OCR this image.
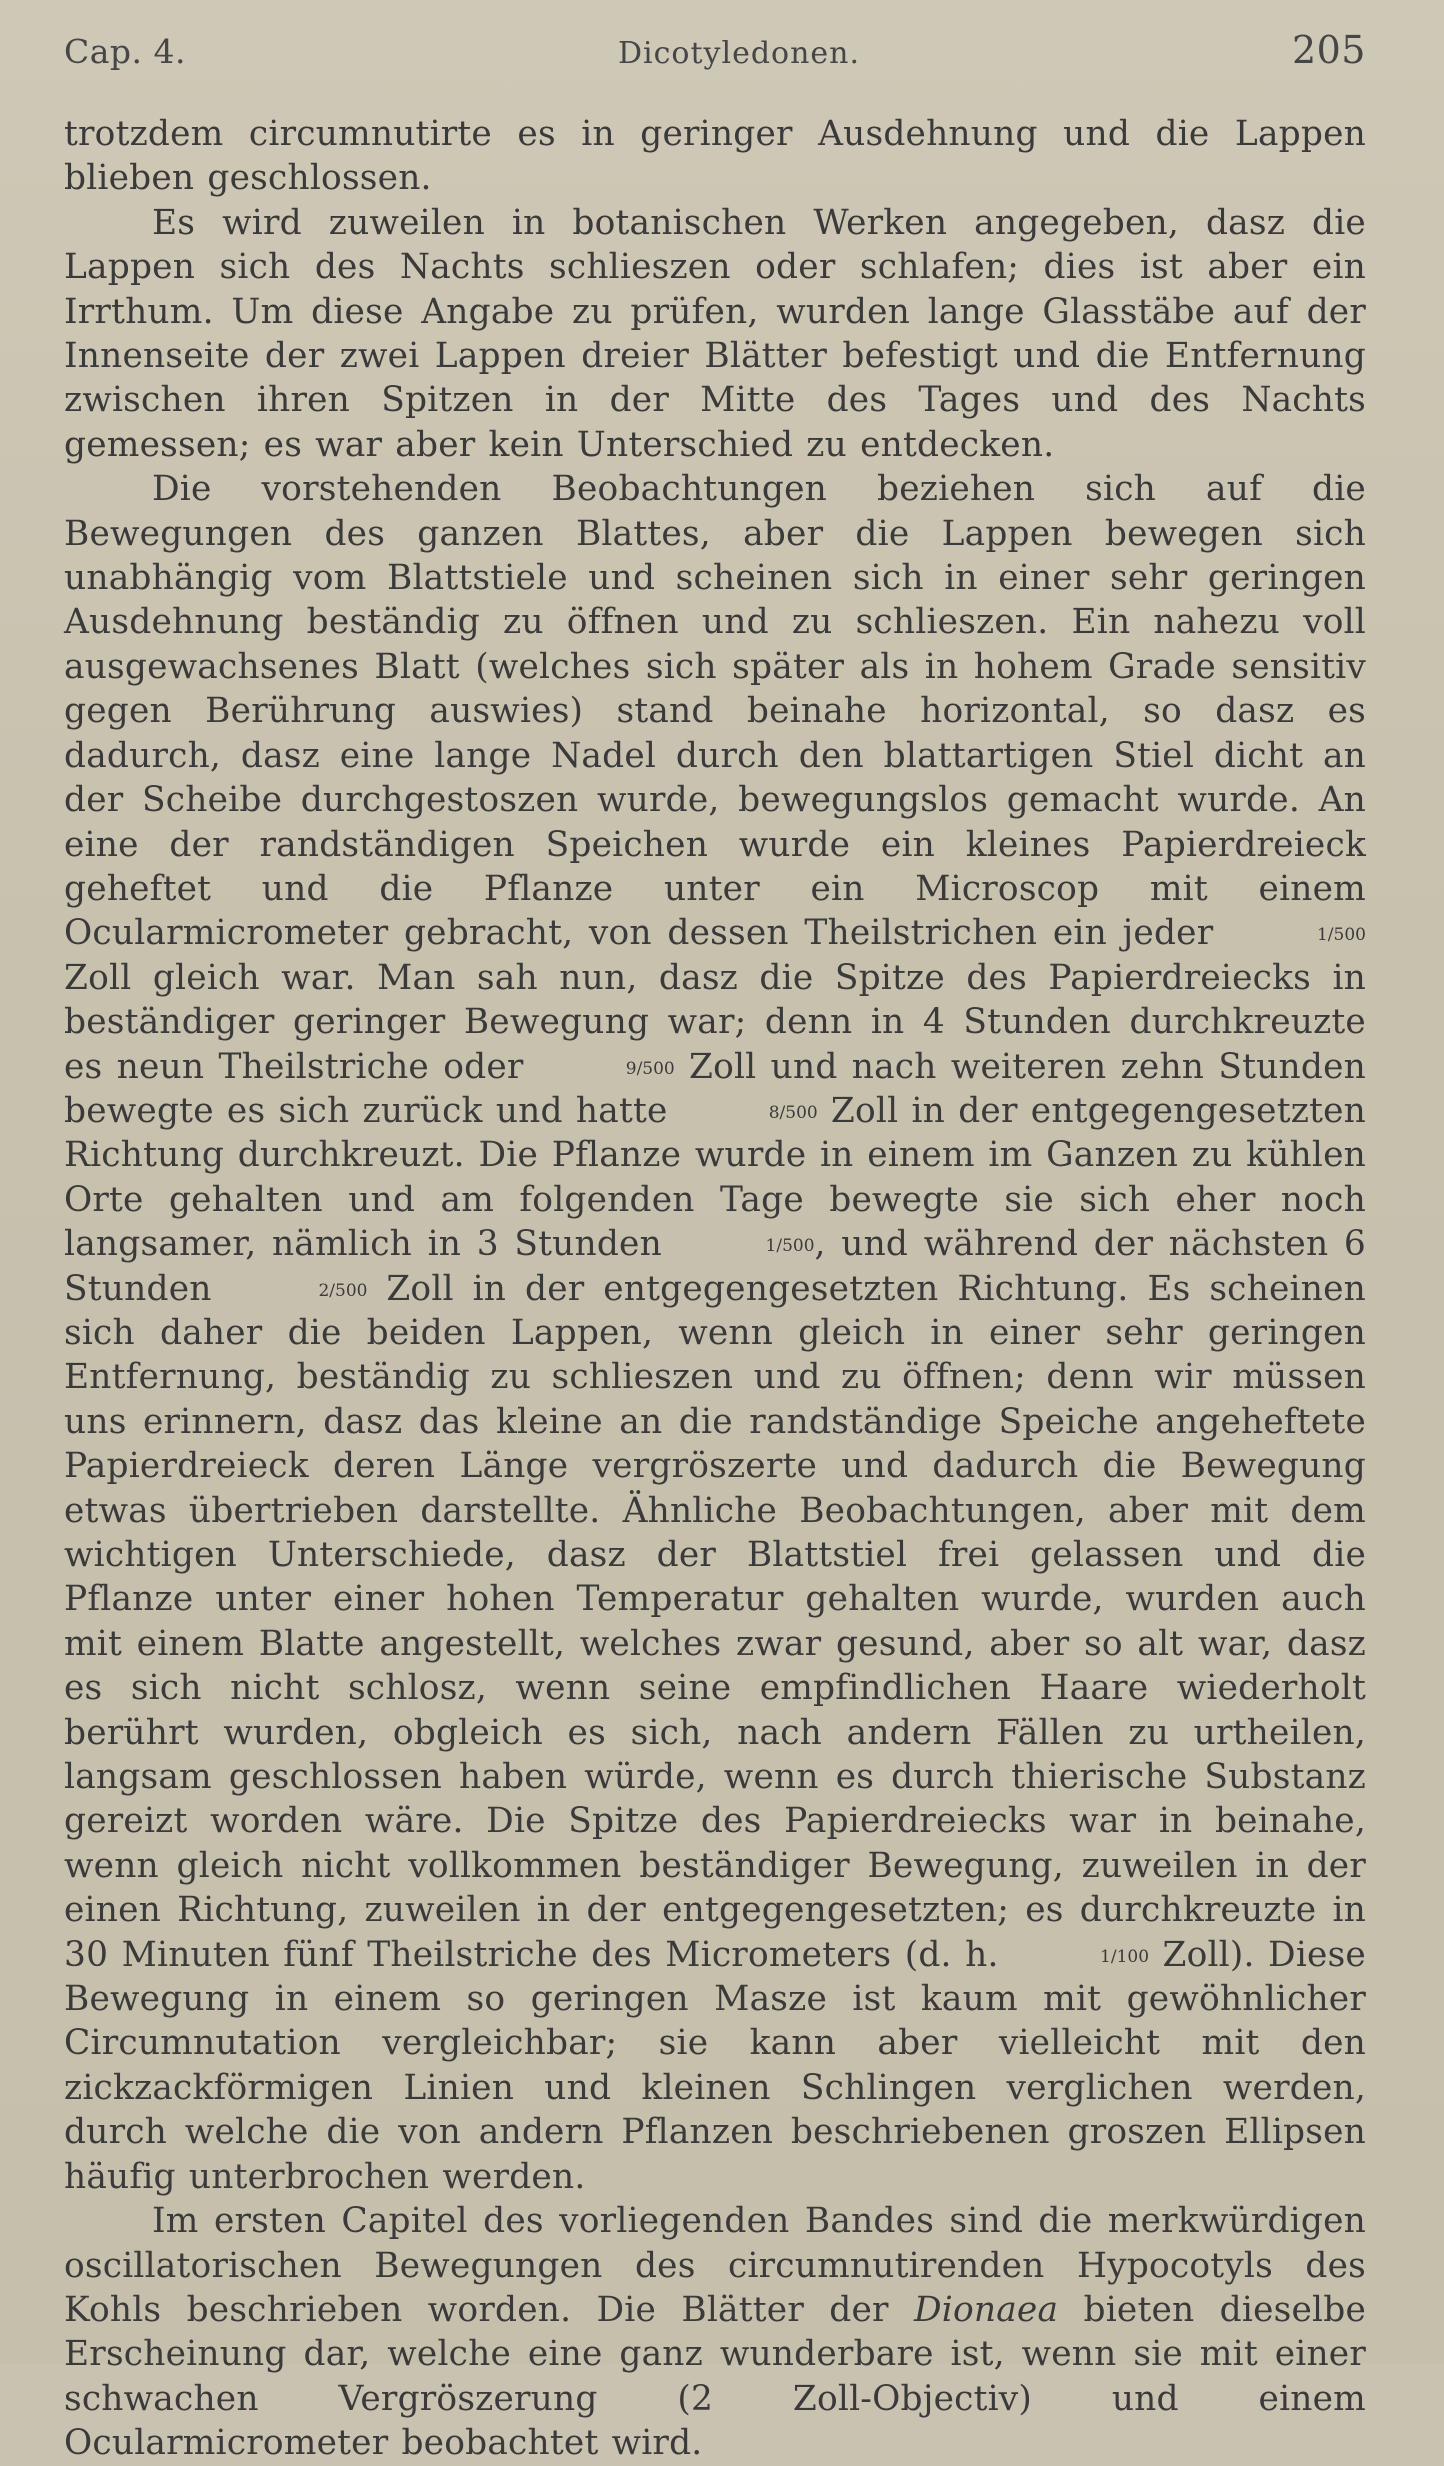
Cap. 4.	Dicotyledonen.	205

trotzdem circumnutirte es in geringer Ausdehnung und die Lappen blieben geschlossen.

Es wird zuweilen in botanischen Werken angegeben, dasz die Lappen sich des Nachts schlieszen oder schlafen; dies ist aber ein Irrthum. Um diese Angabe zu prüfen, wurden lange Glasstäbe auf der Innenseite der zwei Lappen dreier Blätter befestigt und die Entfernung zwischen ihren Spitzen in der Mitte des Tages und des Nachts gemessen; es war aber kein Unterschied zu entdecken.

Die vorstehenden Beobachtungen beziehen sich auf die Bewegungen des ganzen Blattes, aber die Lappen bewegen sich unabhängig vom Blattstiele und scheinen sich in einer sehr geringen Ausdehnung beständig zu öffnen und zu schlieszen. Ein nahezu voll ausgewachsenes Blatt (welches sich später als in hohem Grade sensitiv gegen Berührung auswies) stand beinahe horizontal, so dasz es dadurch, dasz eine lange Nadel durch den blattartigen Stiel dicht an der Scheibe durchgestoszen wurde, bewegungslos gemacht wurde. An eine der randständigen Speichen wurde ein kleines Papierdreieck geheftet und die Pflanze unter ein Microscop mit einem Ocularmicrometer gebracht, von dessen Theilstrichen ein jeder	1/500 Zoll gleich war. Man sah nun, dasz die Spitze des Papierdreiecks in beständiger geringer Bewegung war; denn in 4 Stunden durchkreuzte es neun Theilstriche oder	9/500 Zoll und nach weiteren zehn Stunden bewegte es sich zurück und hatte	8/500 Zoll in der entgegengesetzten Richtung durchkreuzt. Die Pflanze wurde in einem im Ganzen zu kühlen Orte gehalten und am folgenden Tage bewegte sie sich eher noch langsamer, nämlich in 3 Stunden	1/500, und während der nächsten 6 Stunden	2/500 Zoll in der entgegengesetzten Richtung. Es scheinen sich daher die beiden Lappen, wenn gleich in einer sehr geringen Entfernung, beständig zu schlieszen und zu öffnen; denn wir müssen uns erinnern, dasz das kleine an die randständige Speiche angeheftete Papierdreieck deren Länge vergröszerte und dadurch die Bewegung etwas übertrieben darstellte. Ähnliche Beobachtungen, aber mit dem wichtigen Unterschiede, dasz der Blattstiel frei gelassen und die Pflanze unter einer hohen Temperatur gehalten wurde, wurden auch mit einem Blatte angestellt, welches zwar gesund, aber so alt war, dasz es sich nicht schlosz, wenn seine empfindlichen Haare wiederholt berührt wurden, obgleich es sich, nach andern Fällen zu urtheilen, langsam geschlossen haben würde, wenn es durch thierische Substanz gereizt worden wäre. Die Spitze des Papierdreiecks war in beinahe, wenn gleich nicht vollkommen beständiger Bewegung, zuweilen in der einen Richtung, zuweilen in der entgegengesetzten; es durchkreuzte in 30 Minuten fünf Theilstriche des Micrometers (d. h.	1/100 Zoll). Diese Bewegung in einem so geringen Masze ist kaum mit gewöhnlicher Circumnutation vergleichbar; sie kann aber vielleicht mit den zickzackförmigen Linien und kleinen Schlingen verglichen werden, durch welche die von andern Pflanzen beschriebenen groszen Ellipsen häufig unterbrochen werden.

Im ersten Capitel des vorliegenden Bandes sind die merkwürdigen oscillatorischen Bewegungen des circumnutirenden Hypocotyls des Kohls beschrieben worden. Die Blätter der Dionaea bieten dieselbe Erscheinung dar, welche eine ganz wunderbare ist, wenn sie mit einer schwachen Vergröszerung (2 Zoll-Objectiv) und einem Ocularmicrometer beobachtet wird.
